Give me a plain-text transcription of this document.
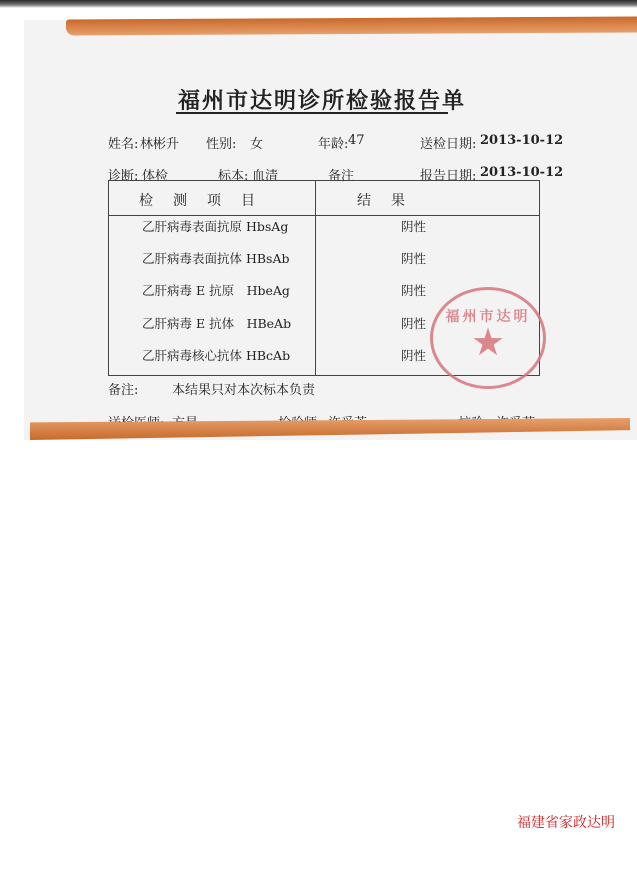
福州市达明诊所检验报告单
姓名: 林彬升 性别: 女	年龄: 47	送检日期: 2013-10-12
诊断: 体检	标本: 血清	备注	报告日期: 2013-10-12
检测项目	结果
乙肝病毒表面抗原 HbsAg	阴性
乙肝病毒表面抗体 HBsAb	阴性
乙肝病毒 E 抗原　HbeAg	阴性
乙肝病毒 E 抗体　HBeAb	阴性
乙肝病毒核心抗体 HBcAb	阴性
福州市达明
★
备注:	本结果只对本次标本负责
福建省家政达明
